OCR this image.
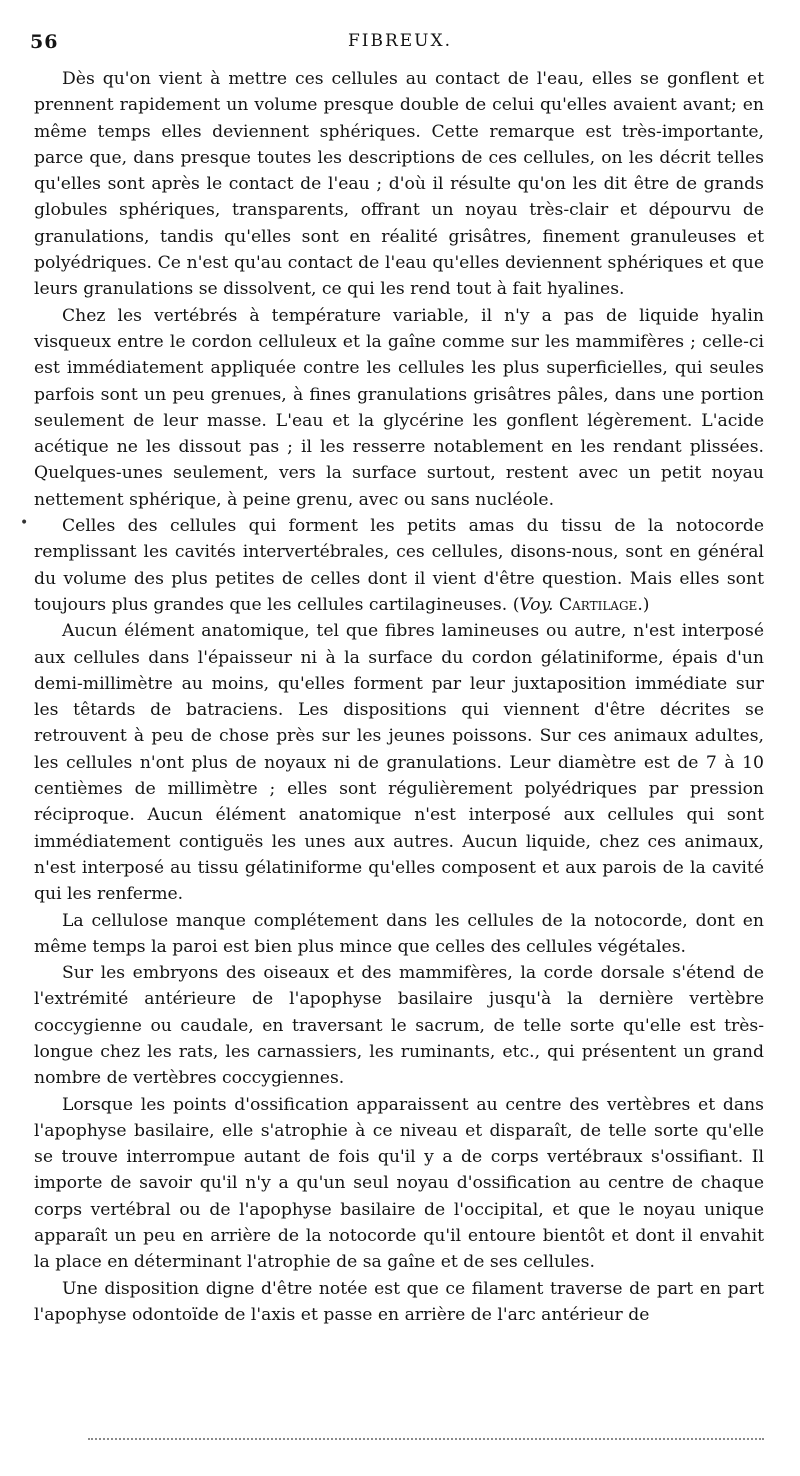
56	FIBREUX.
•

Dès qu'on vient à mettre ces cellules au contact de l'eau, elles se gonflent et prennent rapidement un volume presque double de celui qu'elles avaient avant; en même temps elles deviennent sphériques. Cette remarque est très-importante, parce que, dans presque toutes les descriptions de ces cellules, on les décrit telles qu'elles sont après le contact de l'eau ; d'où il résulte qu'on les dit être de grands globules sphériques, transparents, offrant un noyau très-clair et dépourvu de granulations, tandis qu'elles sont en réalité grisâtres, finement granuleuses et polyédriques. Ce n'est qu'au contact de l'eau qu'elles deviennent sphériques et que leurs granulations se dissolvent, ce qui les rend tout à fait hyalines.

Chez les vertébrés à température variable, il n'y a pas de liquide hyalin visqueux entre le cordon celluleux et la gaîne comme sur les mammifères ; celle-ci est immédiatement appliquée contre les cellules les plus superficielles, qui seules parfois sont un peu grenues, à fines granulations grisâtres pâles, dans une portion seulement de leur masse. L'eau et la glycérine les gonflent légèrement. L'acide acétique ne les dissout pas ; il les resserre notablement en les rendant plissées. Quelques-unes seulement, vers la surface surtout, restent avec un petit noyau nettement sphérique, à peine grenu, avec ou sans nucléole.

Celles des cellules qui forment les petits amas du tissu de la notocorde remplissant les cavités intervertébrales, ces cellules, disons-nous, sont en général du volume des plus petites de celles dont il vient d'être question. Mais elles sont toujours plus grandes que les cellules cartilagineuses. (Voy. Cartilage.)

Aucun élément anatomique, tel que fibres lamineuses ou autre, n'est interposé aux cellules dans l'épaisseur ni à la surface du cordon gélatiniforme, épais d'un demi-millimètre au moins, qu'elles forment par leur juxtaposition immédiate sur les têtards de batraciens. Les dispositions qui viennent d'être décrites se retrouvent à peu de chose près sur les jeunes poissons. Sur ces animaux adultes, les cellules n'ont plus de noyaux ni de granulations. Leur diamètre est de 7 à 10 centièmes de millimètre ; elles sont régulièrement polyédriques par pression réciproque. Aucun élément anatomique n'est interposé aux cellules qui sont immédiatement contiguës les unes aux autres. Aucun liquide, chez ces animaux, n'est interposé au tissu gélatiniforme qu'elles composent et aux parois de la cavité qui les renferme.

La cellulose manque complétement dans les cellules de la notocorde, dont en même temps la paroi est bien plus mince que celles des cellules végétales.

Sur les embryons des oiseaux et des mammifères, la corde dorsale s'étend de l'extrémité antérieure de l'apophyse basilaire jusqu'à la dernière vertèbre coccygienne ou caudale, en traversant le sacrum, de telle sorte qu'elle est très-longue chez les rats, les carnassiers, les ruminants, etc., qui présentent un grand nombre de vertèbres coccygiennes.

Lorsque les points d'ossification apparaissent au centre des vertèbres et dans l'apophyse basilaire, elle s'atrophie à ce niveau et disparaît, de telle sorte qu'elle se trouve interrompue autant de fois qu'il y a de corps vertébraux s'ossifiant. Il importe de savoir qu'il n'y a qu'un seul noyau d'ossification au centre de chaque corps vertébral ou de l'apophyse basilaire de l'occipital, et que le noyau unique apparaît un peu en arrière de la notocorde qu'il entoure bientôt et dont il envahit la place en déterminant l'atrophie de sa gaîne et de ses cellules.

Une disposition digne d'être notée est que ce filament traverse de part en part l'apophyse odontoïde de l'axis et passe en arrière de l'arc antérieur de
